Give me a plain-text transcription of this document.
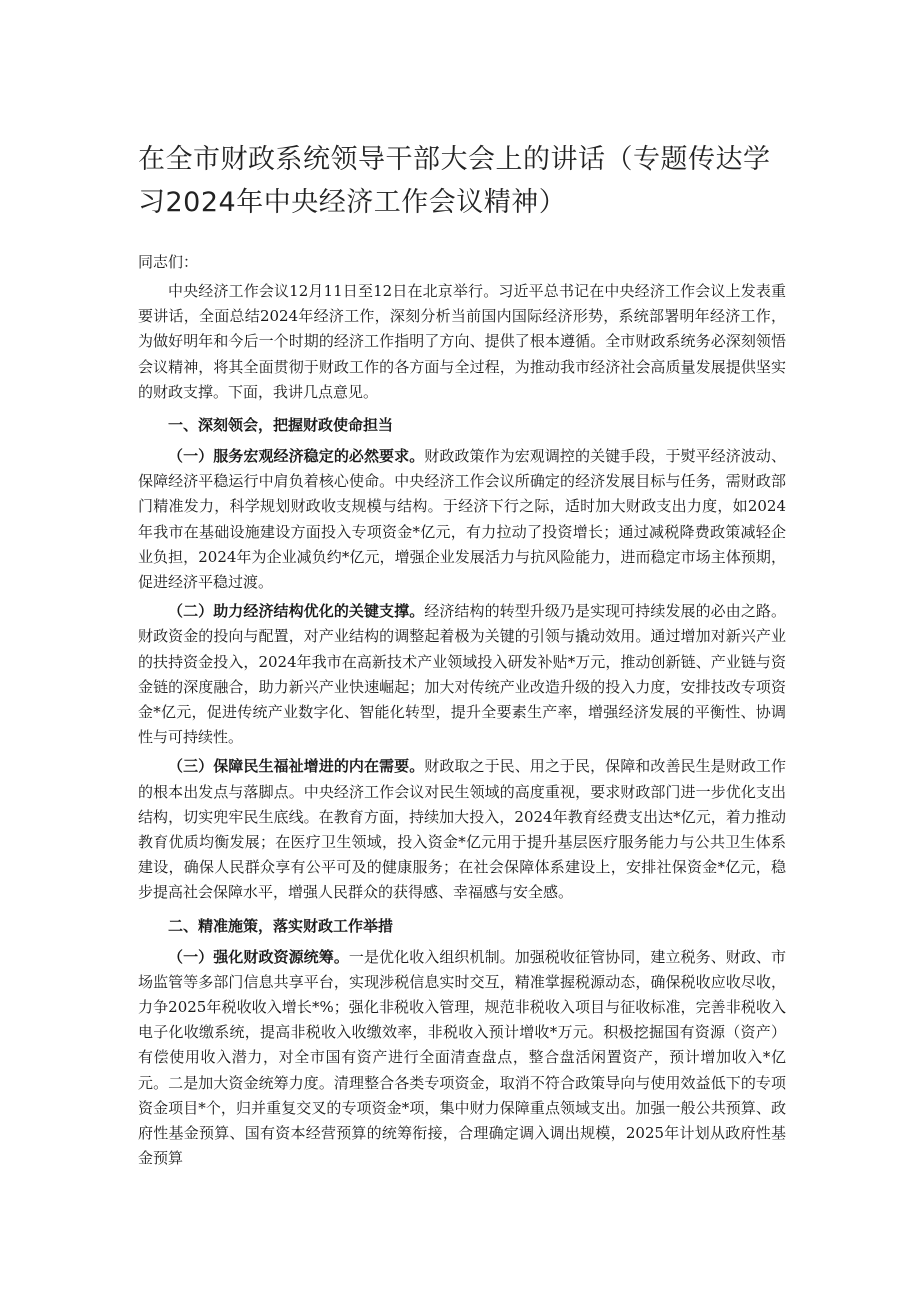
在全市财政系统领导干部大会上的讲话（专题传达学习2024年中央经济工作会议精神）
同志们：

中央经济工作会议12月11日至12日在北京举行。习近平总书记在中央经济工作会议上发表重要讲话，全面总结2024年经济工作，深刻分析当前国内国际经济形势，系统部署明年经济工作，为做好明年和今后一个时期的经济工作指明了方向、提供了根本遵循。全市财政系统务必深刻领悟会议精神，将其全面贯彻于财政工作的各方面与全过程，为推动我市经济社会高质量发展提供坚实的财政支撑。下面，我讲几点意见。

一、深刻领会，把握财政使命担当

（一）服务宏观经济稳定的必然要求。财政政策作为宏观调控的关键手段，于熨平经济波动、保障经济平稳运行中肩负着核心使命。中央经济工作会议所确定的经济发展目标与任务，需财政部门精准发力，科学规划财政收支规模与结构。于经济下行之际，适时加大财政支出力度，如2024年我市在基础设施建设方面投入专项资金*亿元，有力拉动了投资增长；通过减税降费政策减轻企业负担，2024年为企业减负约*亿元，增强企业发展活力与抗风险能力，进而稳定市场主体预期，促进经济平稳过渡。

（二）助力经济结构优化的关键支撑。经济结构的转型升级乃是实现可持续发展的必由之路。财政资金的投向与配置，对产业结构的调整起着极为关键的引领与撬动效用。通过增加对新兴产业的扶持资金投入，2024年我市在高新技术产业领域投入研发补贴*万元，推动创新链、产业链与资金链的深度融合，助力新兴产业快速崛起；加大对传统产业改造升级的投入力度，安排技改专项资金*亿元，促进传统产业数字化、智能化转型，提升全要素生产率，增强经济发展的平衡性、协调性与可持续性。

（三）保障民生福祉增进的内在需要。财政取之于民、用之于民，保障和改善民生是财政工作的根本出发点与落脚点。中央经济工作会议对民生领域的高度重视，要求财政部门进一步优化支出结构，切实兜牢民生底线。在教育方面，持续加大投入，2024年教育经费支出达*亿元，着力推动教育优质均衡发展；在医疗卫生领域，投入资金*亿元用于提升基层医疗服务能力与公共卫生体系建设，确保人民群众享有公平可及的健康服务；在社会保障体系建设上，安排社保资金*亿元，稳步提高社会保障水平，增强人民群众的获得感、幸福感与安全感。

二、精准施策，落实财政工作举措

（一）强化财政资源统筹。一是优化收入组织机制。加强税收征管协同，建立税务、财政、市场监管等多部门信息共享平台，实现涉税信息实时交互，精准掌握税源动态，确保税收应收尽收，力争2025年税收收入增长*%；强化非税收入管理，规范非税收入项目与征收标准，完善非税收入电子化收缴系统，提高非税收入收缴效率，非税收入预计增收*万元。积极挖掘国有资源（资产）有偿使用收入潜力，对全市国有资产进行全面清查盘点，整合盘活闲置资产，预计增加收入*亿元。二是加大资金统筹力度。清理整合各类专项资金，取消不符合政策导向与使用效益低下的专项资金项目*个，归并重复交叉的专项资金*项，集中财力保障重点领域支出。加强一般公共预算、政府性基金预算、国有资本经营预算的统筹衔接，合理确定调入调出规模，2025年计划从政府性基金预算
